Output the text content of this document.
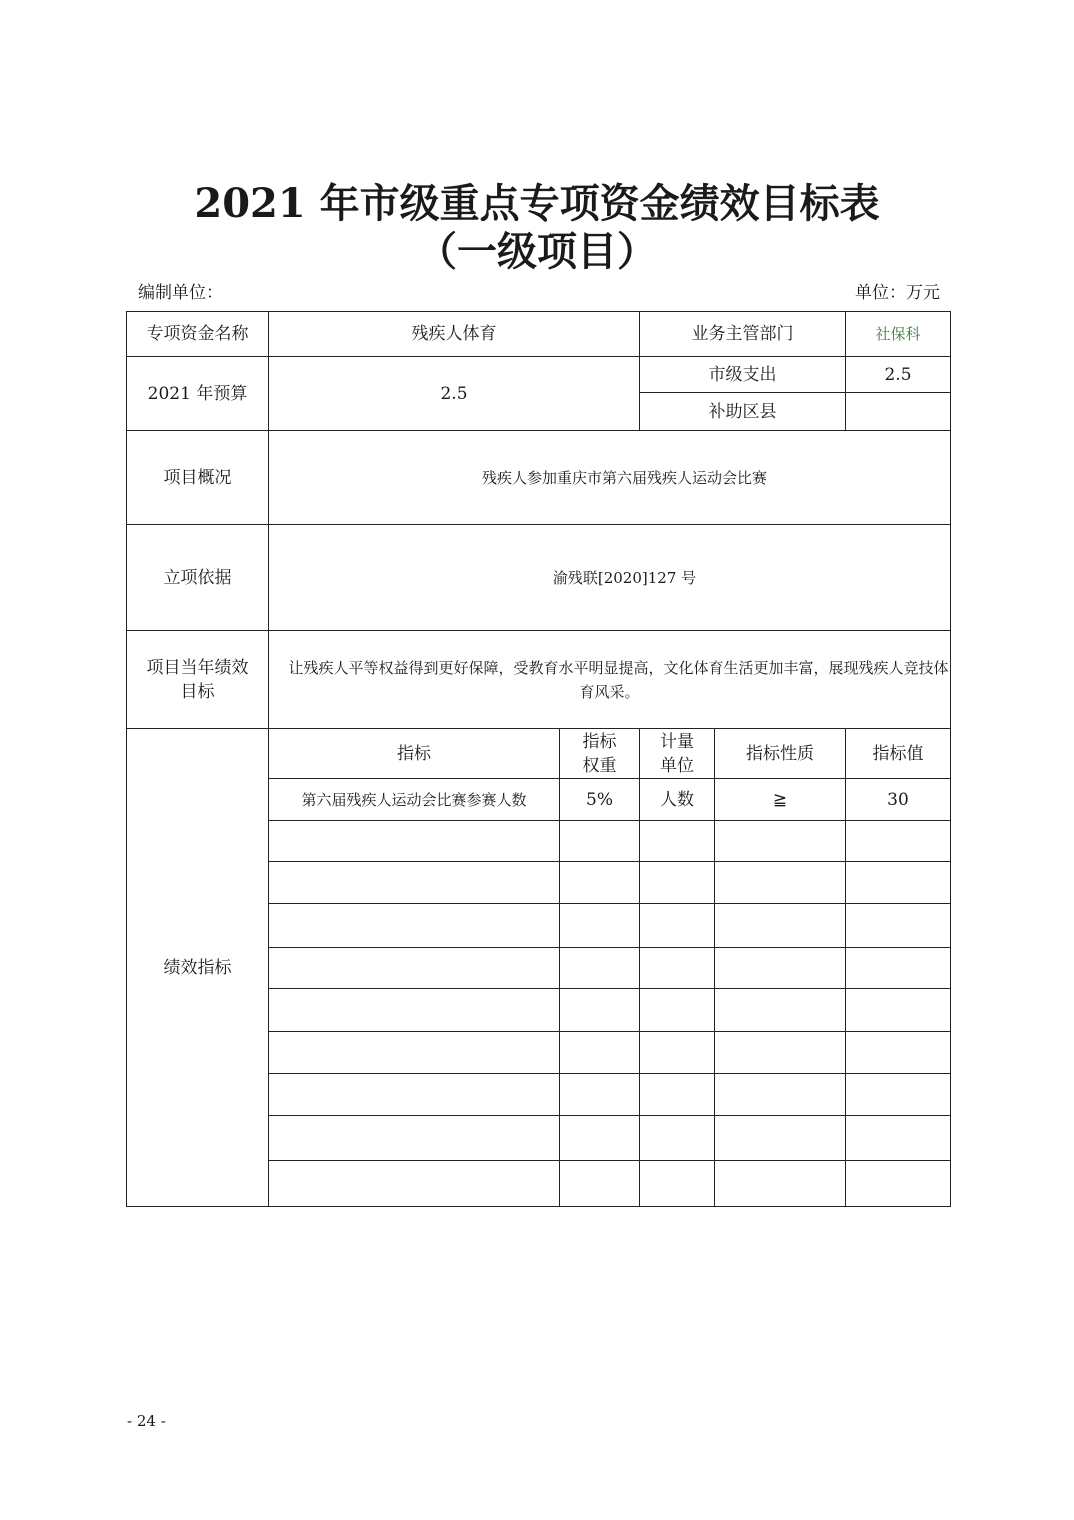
2021 年市级重点专项资金绩效目标表
（一级项目）
编制单位：	单位：万元
专项资金名称	残疾人体育		业务主管部门		社保科
2021 年预算	2.5		市级支出		2.5
			补助区县		
项目概况	残疾人参加重庆市第六届残疾人运动会比赛				
立项依据	渝残联[2020]127 号				
项目当年绩效目标	让残疾人平等权益得到更好保障，受教育水平明显提高，文化体育生活更加丰富，展现残疾人竞技体育风采。				
绩效指标	指标	指标权重	计量单位	指标性质	指标值
	第六届残疾人运动会比赛参赛人数	5%	人数	≧	30

- 24 -
